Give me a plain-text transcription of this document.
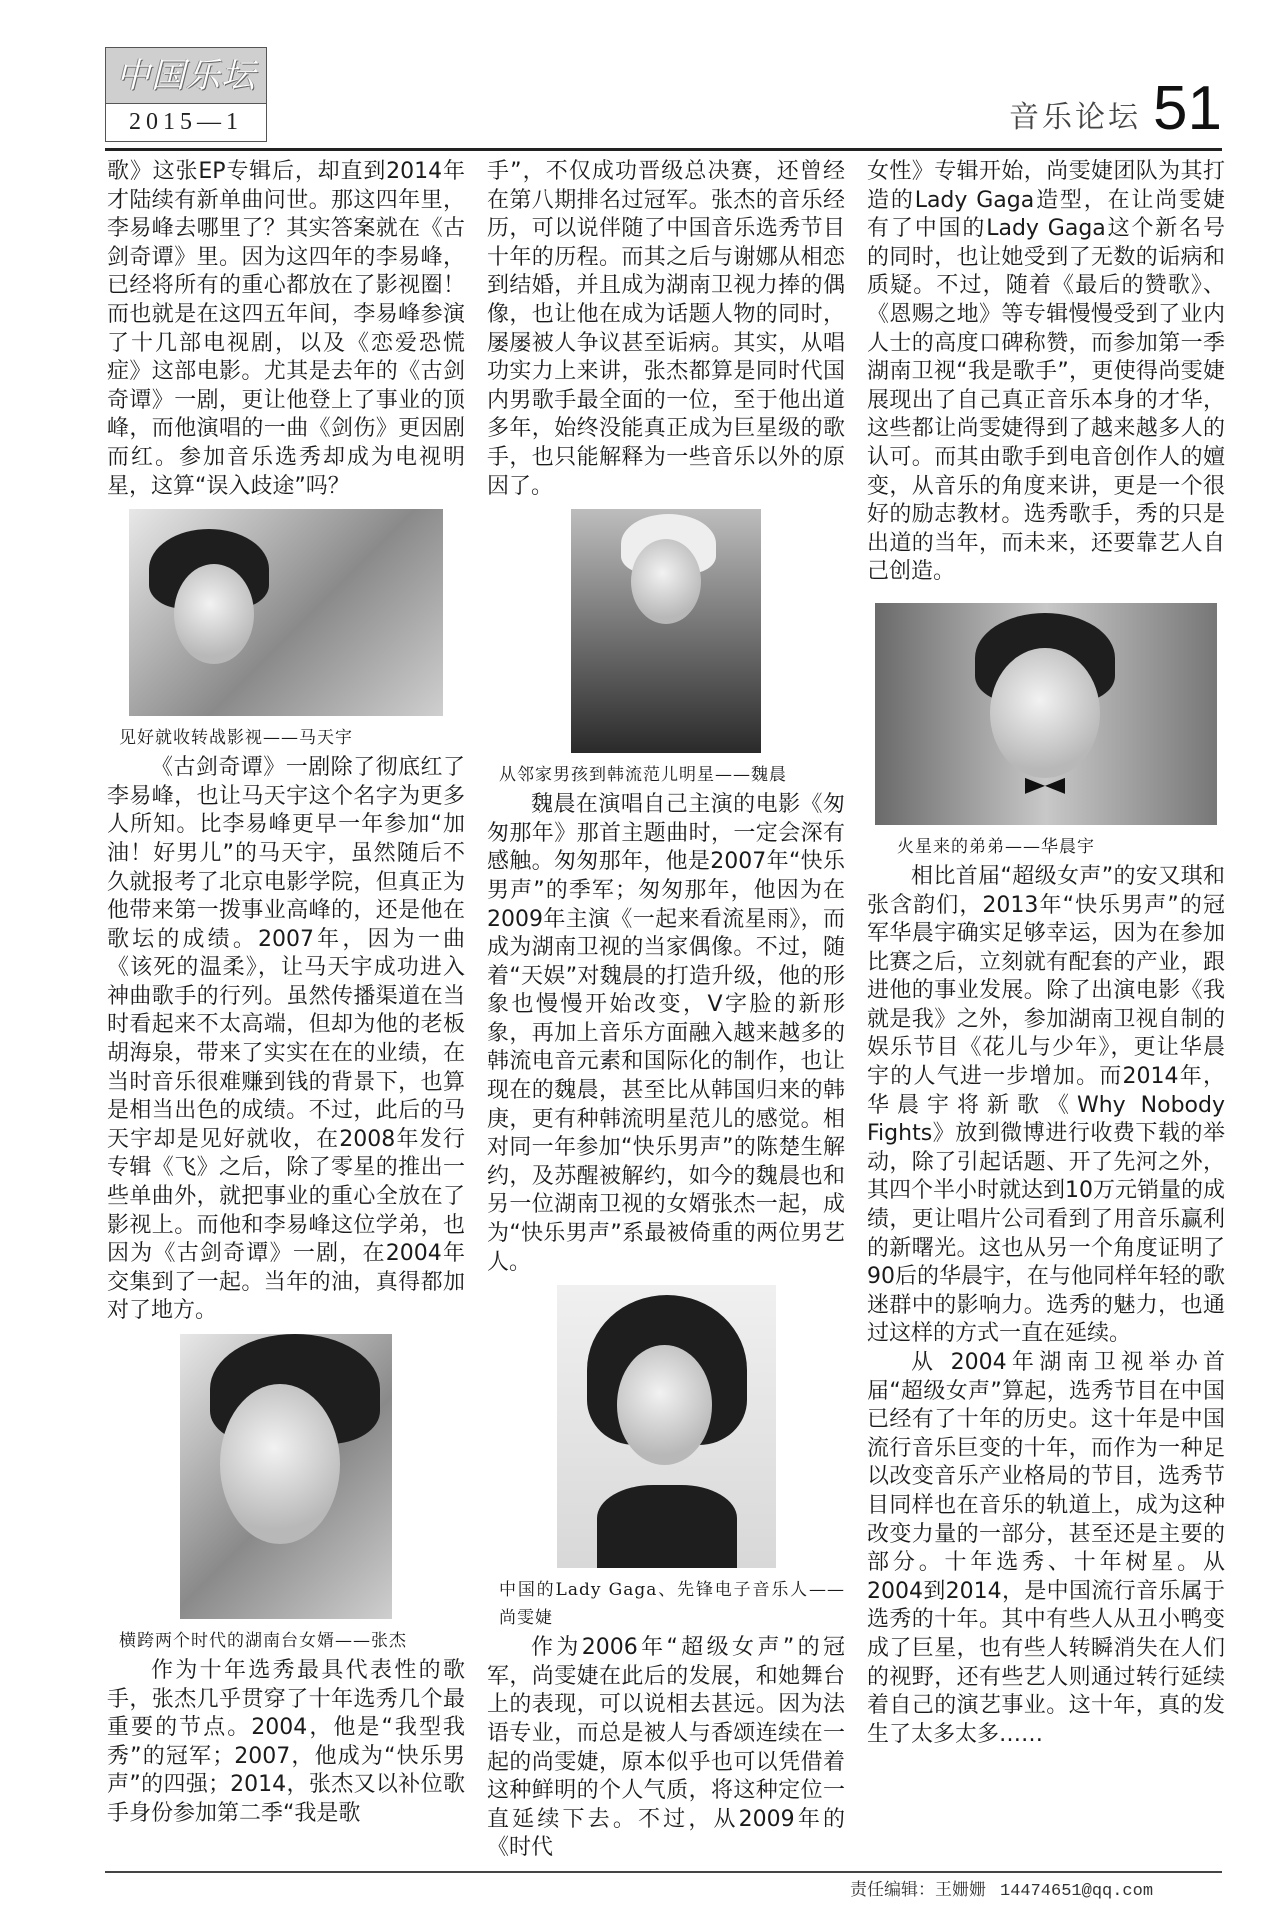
中国乐坛
2015—1	音乐论坛 51

歌》这张EP专辑后，却直到2014年才陆续有新单曲问世。那这四年里，李易峰去哪里了？其实答案就在《古剑奇谭》里。因为这四年的李易峰，已经将所有的重心都放在了影视圈！而也就是在这四五年间，李易峰参演了十几部电视剧，以及《恋爱恐慌症》这部电影。尤其是去年的《古剑奇谭》一剧，更让他登上了事业的顶峰，而他演唱的一曲《剑伤》更因剧而红。参加音乐选秀却成为电视明星，这算“误入歧途”吗？

见好就收转战影视——马天宇

《古剑奇谭》一剧除了彻底红了李易峰，也让马天宇这个名字为更多人所知。比李易峰更早一年参加“加油！好男儿”的马天宇，虽然随后不久就报考了北京电影学院，但真正为他带来第一拨事业高峰的，还是他在歌坛的成绩。2007年，因为一曲《该死的温柔》，让马天宇成功进入神曲歌手的行列。虽然传播渠道在当时看起来不太高端，但却为他的老板胡海泉，带来了实实在在的业绩，在当时音乐很难赚到钱的背景下，也算是相当出色的成绩。不过，此后的马天宇却是见好就收，在2008年发行专辑《飞》之后，除了零星的推出一些单曲外，就把事业的重心全放在了影视上。而他和李易峰这位学弟，也因为《古剑奇谭》一剧，在2004年交集到了一起。当年的油，真得都加对了地方。

横跨两个时代的湖南台女婿——张杰

作为十年选秀最具代表性的歌手，张杰几乎贯穿了十年选秀几个最重要的节点。2004，他是“我型我秀”的冠军；2007，他成为“快乐男声”的四强；2014，张杰又以补位歌手身份参加第二季“我是歌

手”，不仅成功晋级总决赛，还曾经在第八期排名过冠军。张杰的音乐经历，可以说伴随了中国音乐选秀节目十年的历程。而其之后与谢娜从相恋到结婚，并且成为湖南卫视力捧的偶像，也让他在成为话题人物的同时，屡屡被人争议甚至诟病。其实，从唱功实力上来讲，张杰都算是同时代国内男歌手最全面的一位，至于他出道多年，始终没能真正成为巨星级的歌手，也只能解释为一些音乐以外的原因了。

从邻家男孩到韩流范儿明星——魏晨

魏晨在演唱自己主演的电影《匆匆那年》那首主题曲时，一定会深有感触。匆匆那年，他是2007年“快乐男声”的季军；匆匆那年，他因为在2009年主演《一起来看流星雨》，而成为湖南卫视的当家偶像。不过，随着“天娱”对魏晨的打造升级，他的形象也慢慢开始改变，V字脸的新形象，再加上音乐方面融入越来越多的韩流电音元素和国际化的制作，也让现在的魏晨，甚至比从韩国归来的韩庚，更有种韩流明星范儿的感觉。相对同一年参加“快乐男声”的陈楚生解约，及苏醒被解约，如今的魏晨也和另一位湖南卫视的女婿张杰一起，成为“快乐男声”系最被倚重的两位男艺人。

中国的Lady Gaga、先锋电子音乐人——尚雯婕

作为2006年“超级女声”的冠军，尚雯婕在此后的发展，和她舞台上的表现，可以说相去甚远。因为法语专业，而总是被人与香颂连续在一起的尚雯婕，原本似乎也可以凭借着这种鲜明的个人气质，将这种定位一直延续下去。不过，从2009年的《时代

女性》专辑开始，尚雯婕团队为其打造的Lady Gaga造型，在让尚雯婕有了中国的Lady Gaga这个新名号的同时，也让她受到了无数的诟病和质疑。不过，随着《最后的赞歌》、《恩赐之地》等专辑慢慢受到了业内人士的高度口碑称赞，而参加第一季湖南卫视“我是歌手”，更使得尚雯婕展现出了自己真正音乐本身的才华，这些都让尚雯婕得到了越来越多人的认可。而其由歌手到电音创作人的嬗变，从音乐的角度来讲，更是一个很好的励志教材。选秀歌手，秀的只是出道的当年，而未来，还要靠艺人自己创造。

火星来的弟弟——华晨宇

相比首届“超级女声”的安又琪和张含韵们，2013年“快乐男声”的冠军华晨宇确实足够幸运，因为在参加比赛之后，立刻就有配套的产业，跟进他的事业发展。除了出演电影《我就是我》之外，参加湖南卫视自制的娱乐节目《花儿与少年》，更让华晨宇的人气进一步增加。而2014年，华晨宇将新歌《Why Nobody Fights》放到微博进行收费下载的举动，除了引起话题、开了先河之外，其四个半小时就达到10万元销量的成绩，更让唱片公司看到了用音乐赢利的新曙光。这也从另一个角度证明了90后的华晨宇，在与他同样年轻的歌迷群中的影响力。选秀的魅力，也通过这样的方式一直在延续。

从 2004年湖南卫视举办首届“超级女声”算起，选秀节目在中国已经有了十年的历史。这十年是中国流行音乐巨变的十年，而作为一种足以改变音乐产业格局的节目，选秀节目同样也在音乐的轨道上，成为这种改变力量的一部分，甚至还是主要的部分。十年选秀、十年树星。从2004到2014，是中国流行音乐属于选秀的十年。其中有些人从丑小鸭变成了巨星，也有些人转瞬消失在人们的视野，还有些艺人则通过转行延续着自己的演艺事业。这十年，真的发生了太多太多……

责任编辑：王姗姗 14474651@qq.com
